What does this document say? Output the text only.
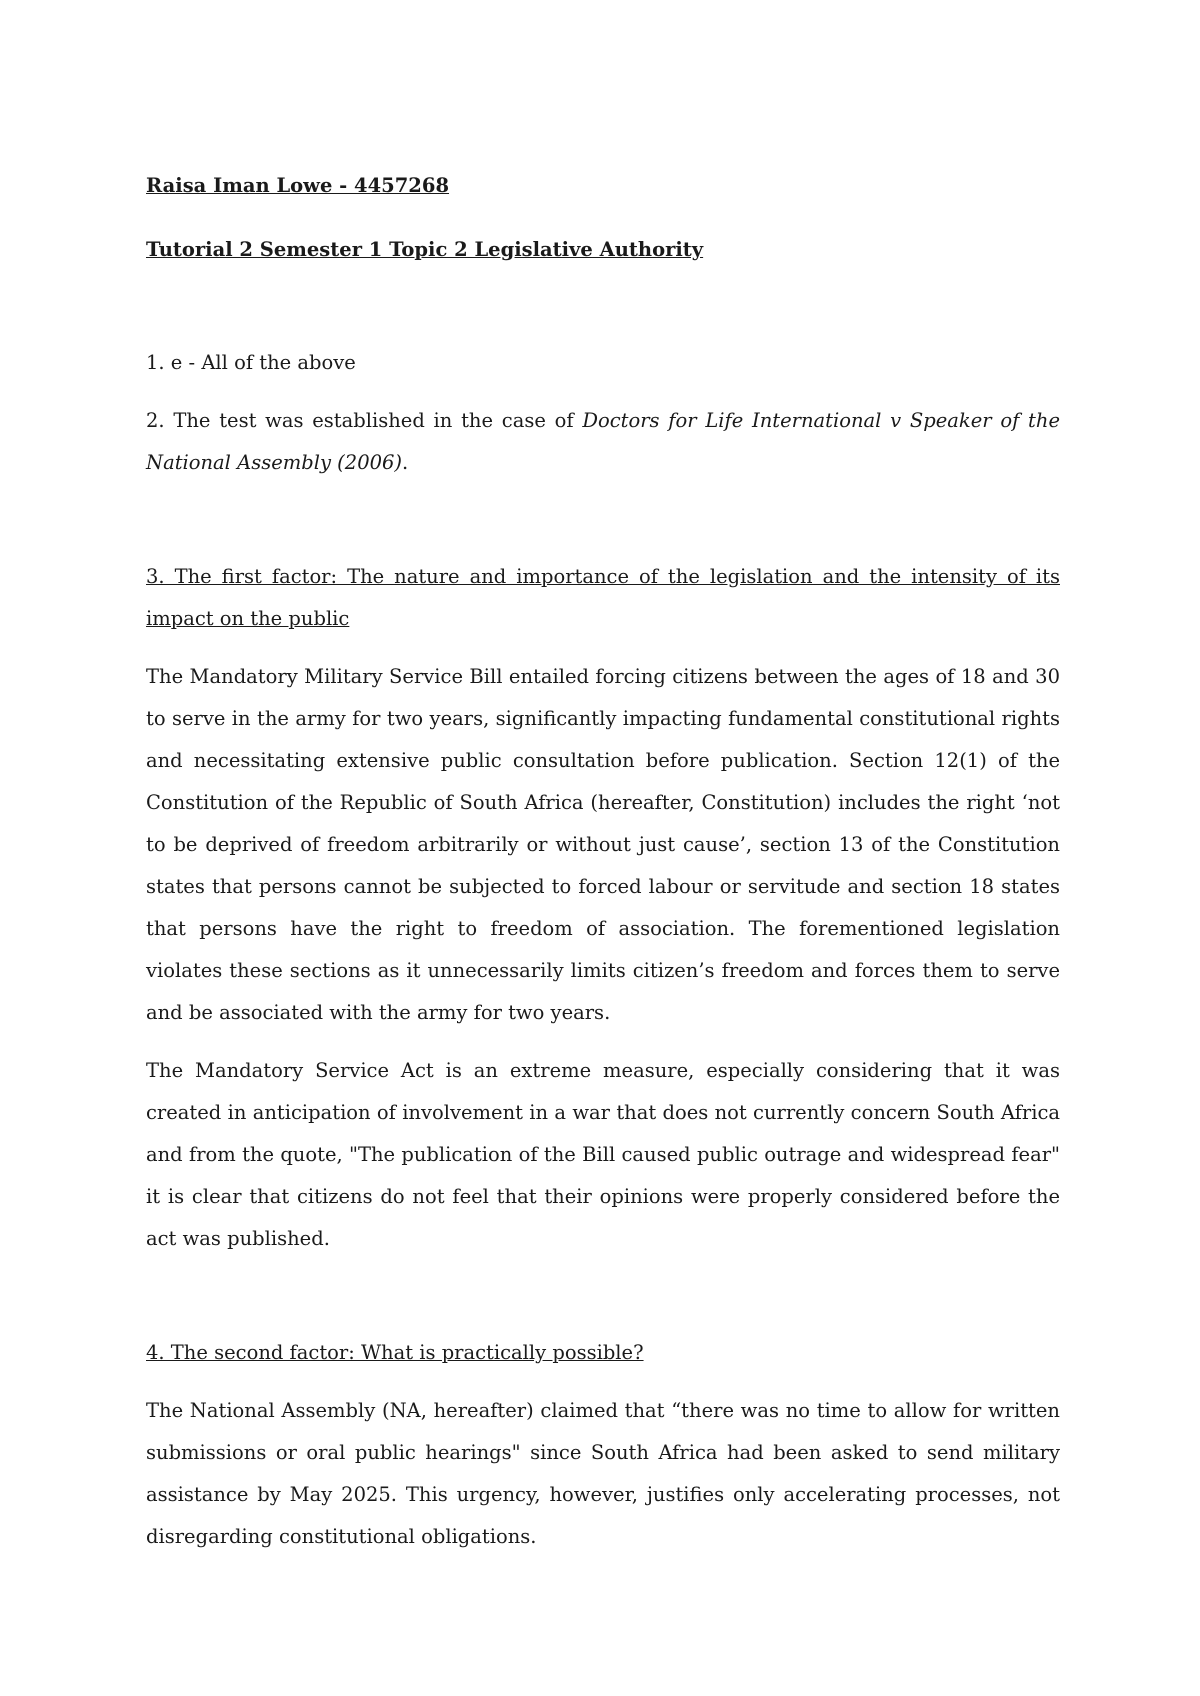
Raisa Iman Lowe - 4457268

Tutorial 2 Semester 1 Topic 2 Legislative Authority

1. e - All of the above

2. The test was established in the case of Doctors for Life International v Speaker of the National Assembly (2006).

3. The first factor: The nature and importance of the legislation and the intensity of its impact on the public

The Mandatory Military Service Bill entailed forcing citizens between the ages of 18 and 30 to serve in the army for two years, significantly impacting fundamental constitutional rights and necessitating extensive public consultation before publication. Section 12(1) of the Constitution of the Republic of South Africa (hereafter, Constitution) includes the right ‘not to be deprived of freedom arbitrarily or without just cause’, section 13 of the Constitution states that persons cannot be subjected to forced labour or servitude and section 18 states that persons have the right to freedom of association. The forementioned legislation violates these sections as it unnecessarily limits citizen’s freedom and forces them to serve and be associated with the army for two years.

The Mandatory Service Act is an extreme measure, especially considering that it was created in anticipation of involvement in a war that does not currently concern South Africa and from the quote, "The publication of the Bill caused public outrage and widespread fear" it is clear that citizens do not feel that their opinions were properly considered before the act was published.

4. The second factor: What is practically possible?

The National Assembly (NA, hereafter) claimed that “there was no time to allow for written submissions or oral public hearings" since South Africa had been asked to send military assistance by May 2025. This urgency, however, justifies only accelerating processes, not disregarding constitutional obligations.
